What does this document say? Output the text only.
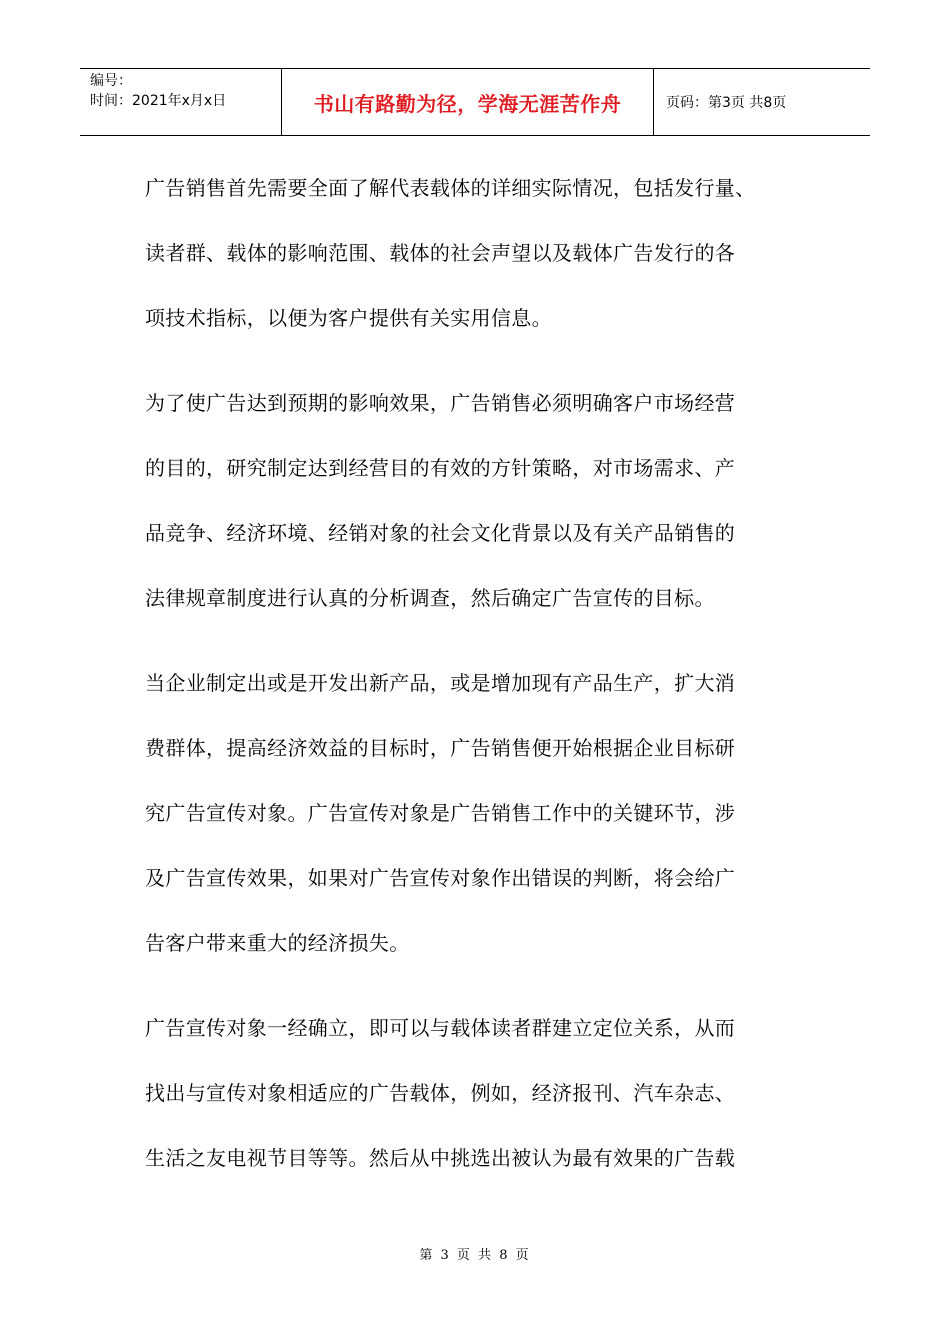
编号：
时间：2021年x月x日	书山有路勤为径，学海无涯苦作舟	页码：第3页 共8页
广告销售首先需要全面了解代表载体的详细实际情况，包括发行量、
读者群、载体的影响范围、载体的社会声望以及载体广告发行的各
项技术指标，以便为客户提供有关实用信息。
为了使广告达到预期的影响效果，广告销售必须明确客户市场经营
的目的，研究制定达到经营目的有效的方针策略，对市场需求、产
品竞争、经济环境、经销对象的社会文化背景以及有关产品销售的
法律规章制度进行认真的分析调查，然后确定广告宣传的目标。
当企业制定出或是开发出新产品，或是增加现有产品生产，扩大消
费群体，提高经济效益的目标时，广告销售便开始根据企业目标研
究广告宣传对象。广告宣传对象是广告销售工作中的关键环节，涉
及广告宣传效果，如果对广告宣传对象作出错误的判断，将会给广
告客户带来重大的经济损失。
广告宣传对象一经确立，即可以与载体读者群建立定位关系，从而
找出与宣传对象相适应的广告载体，例如，经济报刊、汽车杂志、
生活之友电视节目等等。然后从中挑选出被认为最有效果的广告载
第 3 页 共 8 页
